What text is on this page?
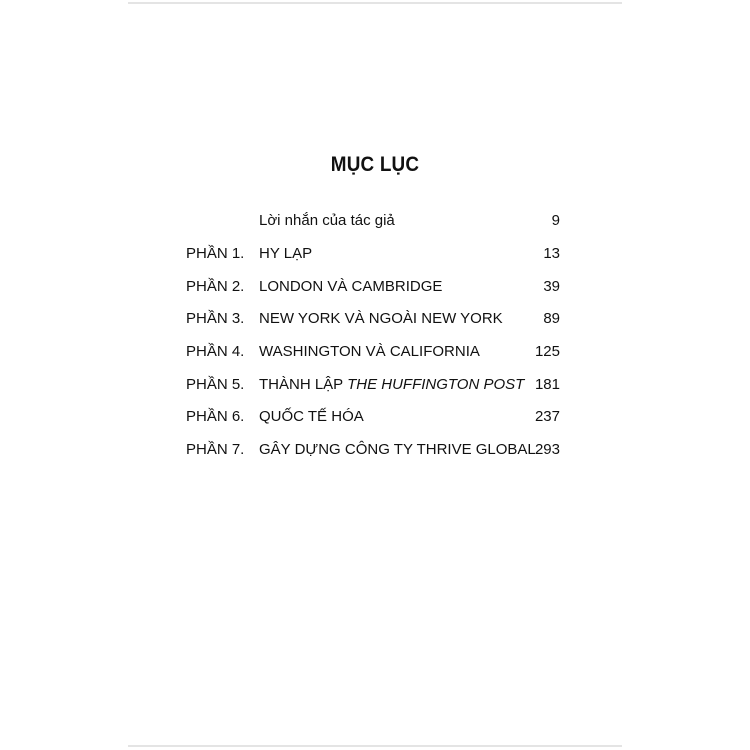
MỤC LỤC
Lời nhắn của tác giả	9
PHẦN 1. HY LẠP	13
PHẦN 2. LONDON VÀ CAMBRIDGE	39
PHẦN 3. NEW YORK VÀ NGOÀI NEW YORK	89
PHẦN 4. WASHINGTON VÀ CALIFORNIA	125
PHẦN 5. THÀNH LẬP THE HUFFINGTON POST 181
PHẦN 6. QUỐC TẾ HÓA	237
PHẦN 7. GÂY DỰNG CÔNG TY THRIVE GLOBAL 293
